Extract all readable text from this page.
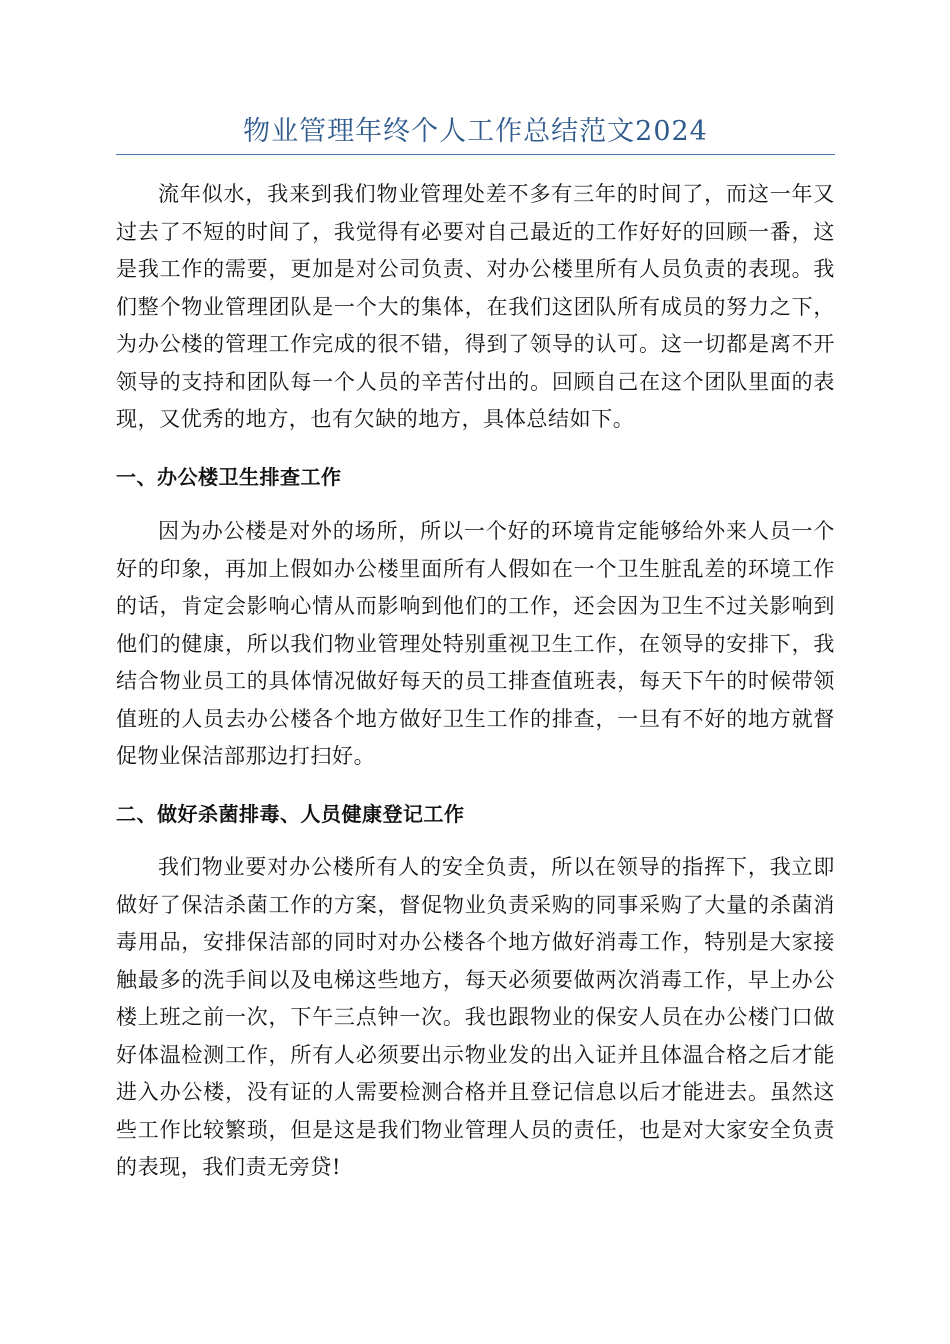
物业管理年终个人工作总结范文2024

流年似水，我来到我们物业管理处差不多有三年的时间了，而这一年又过去了不短的时间了，我觉得有必要对自己最近的工作好好的回顾一番，这是我工作的需要，更加是对公司负责、对办公楼里所有人员负责的表现。我们整个物业管理团队是一个大的集体，在我们这团队所有成员的努力之下，为办公楼的管理工作完成的很不错，得到了领导的认可。这一切都是离不开领导的支持和团队每一个人员的辛苦付出的。回顾自己在这个团队里面的表现，又优秀的地方，也有欠缺的地方，具体总结如下。

一、办公楼卫生排查工作

因为办公楼是对外的场所，所以一个好的环境肯定能够给外来人员一个好的印象，再加上假如办公楼里面所有人假如在一个卫生脏乱差的环境工作的话，肯定会影响心情从而影响到他们的工作，还会因为卫生不过关影响到他们的健康，所以我们物业管理处特别重视卫生工作，在领导的安排下，我结合物业员工的具体情况做好每天的员工排查值班表，每天下午的时候带领值班的人员去办公楼各个地方做好卫生工作的排查，一旦有不好的地方就督促物业保洁部那边打扫好。

二、做好杀菌排毒、人员健康登记工作

我们物业要对办公楼所有人的安全负责，所以在领导的指挥下，我立即做好了保洁杀菌工作的方案，督促物业负责采购的同事采购了大量的杀菌消毒用品，安排保洁部的同时对办公楼各个地方做好消毒工作，特别是大家接触最多的洗手间以及电梯这些地方，每天必须要做两次消毒工作，早上办公楼上班之前一次，下午三点钟一次。我也跟物业的保安人员在办公楼门口做好体温检测工作，所有人必须要出示物业发的出入证并且体温合格之后才能进入办公楼，没有证的人需要检测合格并且登记信息以后才能进去。虽然这些工作比较繁琐，但是这是我们物业管理人员的责任，也是对大家安全负责的表现，我们责无旁贷!
